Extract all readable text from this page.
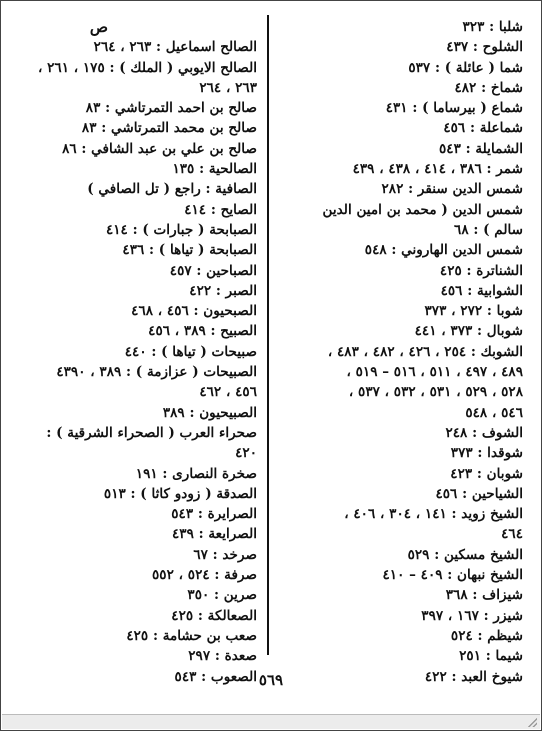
شلبا : ٣٢٣
الشلوح : ٤٣٧
شما ( عائلة ) : ٥٣٧
شماخ : ٤٨٢
شماع ( بيرساما ) : ٤٣١
شماعلة : ٤٥٦
الشمايلة : ٥٤٣
شمر : ٣٨٦ ، ٤١٤ ، ٤٣٨ ، ٤٣٩
شمس الدين سنقر : ٢٨٢
شمس الدين ( محمد بن امين الدين
سالم ) : ٦٨
شمس الدين الهاروني : ٥٤٨
الشناترة : ٤٢٥
الشوابية : ٤٥٦
شوبا : ٢٧٢ ، ٣٧٣
شوبال : ٣٧٣ ، ٤٤١
الشوبك : ٢٥٤ ، ٤٢٦ ، ٤٨٢ ، ٤٨٣ ،
٤٨٩ ، ٤٩٧ ، ٥١١ ، ٥١٦ – ٥١٩ ،
٥٢٨ ، ٥٢٩ ، ٥٣١ ، ٥٣٢ ، ٥٣٧ ،
٥٤٦ ، ٥٤٨
الشوف : ٢٤٨
شوقدا : ٣٧٣
شوبان : ٤٢٣
الشياحين : ٤٥٦
الشيخ زويد : ١٤١ ، ٣٠٤ ، ٤٠٦ ،
٤٦٤
الشيخ مسكين : ٥٢٩
الشيخ نبهان : ٤٠٩ – ٤١٠
شيزاف : ٣٦٨
شيزر : ١٦٧ ، ٣٩٧
شيظم : ٥٢٤
شيما : ٢٥١
شيوخ العبد : ٤٢٢
ص
الصالح اسماعيل : ٢٦٣ ، ٢٦٤
الصالح الايوبي ( الملك ) : ١٧٥ ، ٢٦١ ،
٢٦٣ ، ٢٦٤
صالح بن احمد التمرتاشي : ٨٣
صالح بن محمد التمرتاشي : ٨٣
صالح بن علي بن عبد الشافي : ٨٦
الصالحية : ١٣٥
الصافية : راجع ( تل الصافي )
الصايح : ٤١٤
الصبابحة ( جبارات ) : ٤١٤
الصبابحة ( تياها ) : ٤٣٦
الصباحين : ٤٥٧
الصبر : ٤٢٢
الصبحيون : ٤٥٦ ، ٤٦٨
الصبيح : ٣٨٩ ، ٤٥٦
صبيحات ( تياها ) : ٤٤٠
الصبيحات ( عزازمة ) : ٣٨٩ ، ٤٣٩٠
٤٥٦ ، ٤٦٢
الصبيحيون : ٣٨٩
صحراء العرب ( الصحراء الشرقية ) :
٤٢٠
صخرة النصارى : ١٩١
الصدقة ( زودو كاثا ) : ٥١٣
الصرايرة : ٥٤٣
الصرايعة : ٤٣٩
صرخد : ٦٧
صرفة : ٥٢٤ ، ٥٥٢
صرين : ٣٥٠
الصعالكة : ٤٢٥
صعب بن حشامة : ٤٢٥
صعدة : ٢٩٧
الصعوب : ٥٤٣ ٥٦٩
